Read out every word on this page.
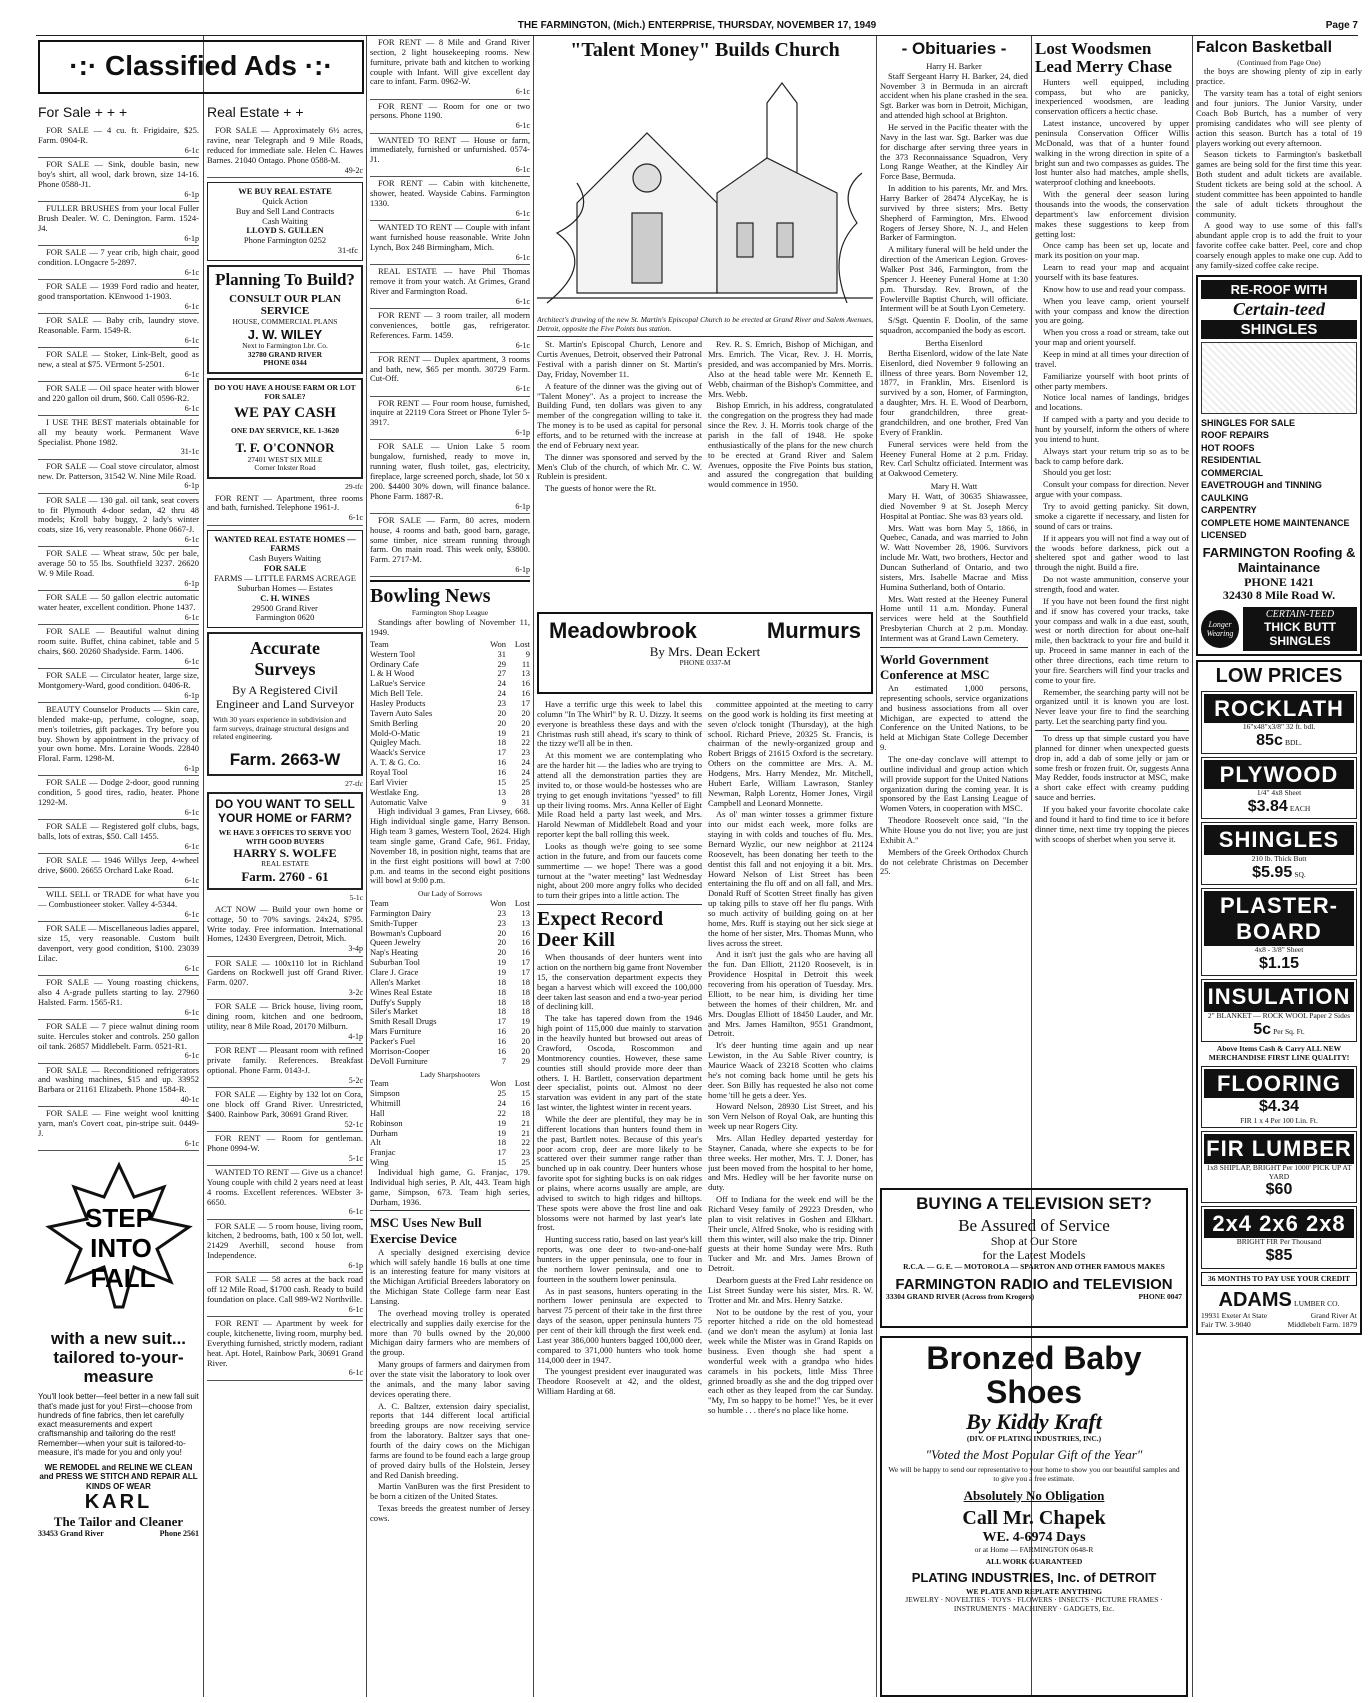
THE FARMINGTON, (Mich.) ENTERPRISE, THURSDAY, NOVEMBER 17, 1949	Page 7
·:· Classified Ads ·:·
For Sale + + +

FOR SALE — 4 cu. ft. Frigidaire, $25. Farm. 0904-R.
6-1c

FOR SALE — Sink, double basin, new boy's shirt, all wool, dark brown, size 14-16. Phone 0588-J1.
6-1p

FULLER BRUSHES from your local Fuller Brush Dealer. W. C. Denington. Farm. 1524-J4.
6-1p

FOR SALE — 7 year crib, high chair, good condition. LOngacre 5-2897.
6-1c

FOR SALE — 1939 Ford radio and heater, good transportation. KEnwood 1-1903.
6-1c

FOR SALE — Baby crib, laundry stove. Reasonable. Farm. 1549-R.
6-1c

FOR SALE — Stoker, Link-Belt, good as new, a steal at $75. VErmont 5-2501.
6-1c

FOR SALE — Oil space heater with blower and 220 gallon oil drum, $60. Call 0596-R2.
6-1c

I USE THE BEST materials obtainable for all my beauty work. Permanent Wave Specialist. Phone 1982.
31-1c

FOR SALE — Coal stove circulator, almost new. Dr. Patterson, 31542 W. Nine Mile Road.
6-1p

FOR SALE — 130 gal. oil tank, seat covers to fit Plymouth 4-door sedan, 42 thru 48 models; Kroll baby buggy, 2 lady's winter coats, size 16, very reasonable. Phone 0667-J.
6-1c

FOR SALE — Wheat straw, 50c per bale, average 50 to 55 lbs. Southfield 3237. 26620 W. 9 Mile Road.
6-1p

FOR SALE — 50 gallon electric automatic water heater, excellent condition. Phone 1437.
6-1c

FOR SALE — Beautiful walnut dining room suite. Buffet, china cabinet, table and 5 chairs, $60. 20260 Shadyside. Farm. 1406.
6-1c

FOR SALE — Circulator heater, large size, Montgomery-Ward, good condition. 0406-R.
6-1p

BEAUTY Counselor Products — Skin care, blended make-up, perfume, cologne, soap, men's toiletries, gift packages. Try before you buy. Shown by appointment in the privacy of your own home. Mrs. Loraine Woods. 22840 Floral. Farm. 1298-M.
6-1p

FOR SALE — Dodge 2-door, good running condition, 5 good tires, radio, heater. Phone 1292-M.
6-1c

FOR SALE — Registered golf clubs, bags, balls, lots of extras, $50. Call 1455.
6-1c

FOR SALE — 1946 Willys Jeep, 4-wheel drive, $600. 26655 Orchard Lake Road.
6-1c

WILL SELL or TRADE for what have you — Combustioneer stoker. Valley 4-5344.
6-1c

FOR SALE — Miscellaneous ladies apparel, size 15, very reasonable. Custom built davenport, very good condition, $100. 23039 Lilac.
6-1c

FOR SALE — Young roasting chickens, also 4 A-grade pullets starting to lay. 27960 Halsted. Farm. 1565-R1.
6-1c

FOR SALE — 7 piece walnut dining room suite. Hercules stoker and controls. 250 gallon oil tank. 26857 Middlebelt. Farm. 0521-R1.
6-1c

FOR SALE — Reconditioned refrigerators and washing machines, $15 and up. 33952 Barbara or 21161 Elizabeth. Phone 1584-R.
40-1c

FOR SALE — Fine weight wool knitting yarn, man's Covert coat, pin-stripe suit. 0449-J.
6-1c

STEP
INTO
FALL
with a new suit... tailored to-your-measure
You'll look better—feel better in a new fall suit that's made just for you! First—choose from hundreds of fine fabrics, then let carefully exact measurements and expert craftsmanship and tailoring do the rest! Remember—when your suit is tailored-to-measure, it's made for you and only you!
WE REMODEL and RELINE WE CLEAN and PRESS WE STITCH AND REPAIR ALL KINDS OF WEAR
KARL
The Tailor and Cleaner
33453 Grand River	Phone 2561
Real Estate + +

FOR SALE — Approximately 6½ acres, ravine, near Telegraph and 9 Mile Roads, reduced for immediate sale. Helen C. Hawes Barnes. 21040 Ontago. Phone 0588-M.
49-2c

WE BUY REAL ESTATE
Quick Action
Buy and Sell Land Contracts
Cash Waiting
LLOYD S. GULLEN
Phone Farmington 0252
31-tfc
Planning To Build?
CONSULT OUR PLAN SERVICE
HOUSE, COMMERCIAL PLANS
J. W. WILEY
Next to Farmington Lbr. Co.
32780 GRAND RIVER
PHONE 0344
DO YOU HAVE A HOUSE FARM OR LOT FOR SALE?
WE PAY CASH
ONE DAY SERVICE, KE. 1-3620
T. F. O'CONNOR
27401 WEST SIX MILE
Corner Inkster Road
29-tfc

FOR RENT — Apartment, three rooms and bath, furnished. Telephone 1961-J.
6-1c

WANTED REAL ESTATE HOMES — FARMS
Cash Buyers Waiting
FOR SALE
FARMS — LITTLE FARMS ACREAGE
Suburban Homes — Estates
C. H. WINES
29500 Grand River
Farmington 0620
Accurate
Surveys
By A Registered Civil Engineer and Land Surveyor
With 30 years experience in subdivision and farm surveys, drainage structural designs and related engineering.
Farm. 2663-W
27-tfc
DO YOU WANT TO SELL YOUR HOME or FARM?
WE HAVE 3 OFFICES TO SERVE YOU
WITH GOOD BUYERS
HARRY S. WOLFE
REAL ESTATE
Farm. 2760 - 61
5-1c

ACT NOW — Build your own home or cottage, 50 to 70% savings. 24x24, $795. Write today. Free information. International Homes, 12430 Evergreen, Detroit, Mich.
3-4p

FOR SALE — 100x110 lot in Richland Gardens on Rockwell just off Grand River. Farm. 0207.
3-2c

FOR SALE — Brick house, living room, dining room, kitchen and one bedroom, utility, near 8 Mile Road, 20170 Milburn.
4-1p

FOR RENT — Pleasant room with refined private family. References. Breakfast optional. Phone Farm. 0143-J.
5-2c

FOR SALE — Eighty by 132 lot on Cora, one block off Grand River. Unrestricted, $400. Rainbow Park, 30691 Grand River.
52-1c

FOR RENT — Room for gentleman. Phone 0994-W.
5-1c

WANTED TO RENT — Give us a chance! Young couple with child 2 years need at least 4 rooms. Excellent references. WEbster 3-6650.
6-1c

FOR SALE — 5 room house, living room, kitchen, 2 bedrooms, bath, 100 x 50 lot, well. 21429 Averhill, second house from Independence.
6-1p

FOR SALE — 58 acres at the back road off 12 Mile Road, $1700 cash. Ready to build foundation on place. Call 989-W2 Northville.
6-1c

FOR RENT — Apartment by week for couple, kitchenette, living room, murphy bed. Everything furnished, strictly modern, radiant heat. Apt. Hotel, Rainbow Park, 30691 Grand River.
6-1c

FOR RENT — 8 Mile and Grand River section, 2 light housekeeping rooms. New furniture, private bath and kitchen to working couple with Infant. Will give excellent day care to infant. Farm. 0962-W.
6-1c

FOR RENT — Room for one or two persons. Phone 1190.
6-1c

WANTED TO RENT — House or farm, immediately, furnished or unfurnished. 0574-J1.
6-1c

FOR RENT — Cabin with kitchenette, shower, heated. Wayside Cabins. Farmington 1330.
6-1c

WANTED TO RENT — Couple with infant want furnished house reasonable. Write John Lynch, Box 248 Birmingham, Mich.
6-1c

REAL ESTATE — have Phil Thomas remove it from your watch. At Grimes, Grand River and Farmington Road.
6-1c

FOR RENT — 3 room trailer, all modern conveniences, bottle gas, refrigerator. References. Farm. 1459.
6-1c

FOR RENT — Duplex apartment, 3 rooms and bath, new, $65 per month. 30729 Farm. Cut-Off.
6-1c

FOR RENT — Four room house, furnished, inquire at 22119 Cora Street or Phone Tyler 5-3917.
6-1p

FOR SALE — Union Lake 5 room bungalow, furnished, ready to move in, running water, flush toilet, gas, electricity, fireplace, large screened porch, shade, lot 50 x 200. $4400 30% down, will finance balance. Phone Farm. 1887-R.
6-1p

FOR SALE — Farm, 80 acres, modern house, 4 rooms and bath, good barn, garage, some timber, nice stream running through farm. On main road. This week only, $3800. Farm. 2717-M.
6-1p

Bowling News
Farmington Shop League

Standings after bowling of November 11, 1949.

Team	Won	Lost
Western Tool	31	9
Ordinary Cafe	29	11
L & H Wood	27	13
LaRue's Service	24	16
Mich Bell Tele.	24	16
Hasley Products	23	17
Tavern Auto Sales	20	20
Smith Berling	20	20
Mold-O-Matic	19	21
Quigley Mach.	18	22
Waack's Service	17	23
A. T. & G. Co.	16	24
Royal Tool	16	24
Earl Vivier	15	25
Westlake Eng.	13	28
Automatic Valve	9	31

High individual 3 games, Fran Livsey, 668. High individual single game, Harry Benson. High team 3 games, Western Tool, 2624. High team single game, Grand Cafe, 961. Friday, November 18, in position night, teams that are in the first eight positions will bowl at 7:00 p.m. and teams in the second eight positions will bowl at 9:00 p.m.

Our Lady of Sorrows
Team	Won	Lost
Farmington Dairy	23	13
Smith-Tupper	23	13
Bowman's Cupboard	20	16
Queen Jewelry	20	16
Nap's Heating	20	16
Suburban Tool	19	17
Clare J. Grace	19	17
Allen's Market	18	18
Wines Real Estate	18	18
Duffy's Supply	18	18
Siler's Market	18	18
Smith Resall Drugs	17	19
Mars Furniture	16	20
Packer's Fuel	16	20
Morrison-Cooper	16	20
DeVoll Furniture	7	29
Lady Sharpshooters
Team	Won	Lost
Simpson	25	15
Whitmill	24	16
Hall	22	18
Robinson	19	21
Durham	19	21
Alt	18	22
Franjac	17	23
Wing	15	25

Individual high game, G. Franjac, 179. Individual high series, P. Alt, 443. Team high game, Simpson, 673. Team high series, Durham, 1936.

MSC Uses New Bull Exercise Device

A specially designed exercising device which will safely handle 16 bulls at one time is an interesting feature for many visitors at the Michigan Artificial Breeders laboratory on the Michigan State College farm near East Lansing.

The overhead moving trolley is operated electrically and supplies daily exercise for the more than 70 bulls owned by the 20,000 Michigan dairy farmers who are members of the group.

Many groups of farmers and dairymen from over the state visit the laboratory to look over the animals, and the many labor saving devices operating there.

A. C. Baltzer, extension dairy specialist, reports that 144 different local artificial breeding groups are now receiving service from the laboratory. Baltzer says that one-fourth of the dairy cows on the Michigan farms are found to be found each a large group of proved dairy bulls of the Holstein, Jersey and Red Danish breeding.

Martin VanBuren was the first President to be born a citizen of the United States.

Texas breeds the greatest number of Jersey cows.

"Talent Money" Builds Church
Architect's drawing of the new St. Martin's Episcopal Church to be erected at Grand River and Salem Avenues, Detroit, opposite the Five Points bus station.

St. Martin's Episcopal Church, Lenore and Curtis Avenues, Detroit, observed their Patronal Festival with a parish dinner on St. Martin's Day, Friday, November 11.

A feature of the dinner was the giving out of "Talent Money". As a project to increase the Building Fund, ten dollars was given to any member of the congregation willing to take it. The money is to be used as capital for personal efforts, and to be returned with the increase at the end of February next year.

The dinner was sponsored and served by the Men's Club of the church, of which Mr. C. W. Rublein is president.

The guests of honor were the Rt.

Rev. R. S. Emrich, Bishop of Michigan, and Mrs. Emrich. The Vicar, Rev. J. H. Morris, presided, and was accompanied by Mrs. Morris. Also at the head table were Mr. Kenneth E. Webb, chairman of the Bishop's Committee, and Mrs. Webb.

Bishop Emrich, in his address, congratulated the congregation on the progress they had made since the Rev. J. H. Morris took charge of the parish in the fall of 1948. He spoke enthusiastically of the plans for the new church to be erected at Grand River and Salem Avenues, opposite the Five Points bus station, and assured the congregation that building would commence in 1950.

Meadowbrook	Murmurs
By Mrs. Dean Eckert
PHONE 0337-M

Have a terrific urge this week to label this column "In The Whirl" by R. U. Dizzy. It seems everyone is breathless these days and with the Christmas rush still ahead, it's scary to think of the tizzy we'll all be in then.

At this moment we are contemplating who are the harder hit — the ladies who are trying to attend all the demonstration parties they are invited to, or those would-be hostesses who are trying to get enough invitations "yessed" to fill up their living rooms. Mrs. Anna Keller of Eight Mile Road held a party last week, and Mrs. Harold Newman of Middlebelt Road and your reporter kept the ball rolling this week.

Looks as though we're going to see some action in the future, and from our faucets come summertime — we hope! There was a good turnout at the "water meeting" last Wednesday night, about 200 more angry folks who decided to turn their gripes into a little action. The

Expect Record Deer Kill

When thousands of deer hunters went into action on the northern big game front November 15, the conservation department expects they began a harvest which will exceed the 100,000 deer taken last season and end a two-year period of declining kill.

The take has tapered down from the 1946 high point of 115,000 due mainly to starvation in the heavily hunted but browsed out areas of Crawford, Oscoda, Roscommon and Montmorency counties. However, these same counties still should provide more deer than others. I. H. Bartlett, conservation department deer specialist, points out. Almost no deer starvation was evident in any part of the state last winter, the lightest winter in recent years.

While the deer are plentiful, they may be in different locations than hunters found them in the past, Bartlett notes. Because of this year's poor acorn crop, deer are more likely to be scattered over their summer range rather than bunched up in oak country. Deer hunters whose favorite spot for sighting bucks is on oak ridges or plains, where acorns usually are ample, are advised to switch to high ridges and hilltops. These spots were above the frost line and oak blossoms were not harmed by last year's late frost.

Hunting success ratio, based on last year's kill reports, was one deer to two-and-one-half hunters in the upper peninsula, one to four in the northern lower peninsula, and one to fourteen in the southern lower peninsula.

As in past seasons, hunters operating in the northern lower peninsula are expected to harvest 75 percent of their take in the first three days of the season, upper peninsula hunters 75 per cent of their kill through the first week end. Last year 386,000 hunters bagged 100,000 deer, compared to 371,000 hunters who took home 114,000 deer in 1947.

The youngest president ever inaugurated was Theodore Roosevelt at 42, and the oldest, William Harding at 68.

committee appointed at the meeting to carry on the good work is holding its first meeting at seven o'clock tonight (Thursday), at the high school. Richard Prieve, 20325 St. Francis, is chairman of the newly-organized group and Robert Briggs of 21615 Oxford is the secretary. Others on the committee are Mrs. A. M. Hodgens, Mrs. Harry Mendez, Mr. Mitchell, Hubert Earle, William Lawrason, Stanley Newman, Ralph Lorentz, Homer Jones, Virgil Campbell and Leonard Monnette.

As ol' man winter tosses a grimmer fixture into our midst each week, more folks are staying in with colds and touches of flu. Mrs. Bernard Wyzlic, our new neighbor at 21124 Roosevelt, has been donating her teeth to the dentist this fall and not enjoying it a bit. Mrs. Howard Nelson of List Street has been entertaining the flu off and on all fall, and Mrs. Donald Ruff of Scotten Street finally has given up taking pills to stave off her flu pangs. With so much activity of building going on at her home, Mrs. Ruff is staying out her sick siege at the home of her sister, Mrs. Thomas Munn, who lives across the street.

And it isn't just the gals who are having all the fun. Dan Elliott, 21120 Roosevelt, is in Providence Hospital in Detroit this week recovering from his operation of Tuesday. Mrs. Elliott, to be near him, is dividing her time between the homes of their children, Mr. and Mrs. Douglas Elliott of 18450 Lauder, and Mr. and Mrs. James Hamilton, 9551 Grandmont, Detroit.

It's deer hunting time again and up near Lewiston, in the Au Sable River country, is Maurice Waack of 23218 Scotten who claims he's not coming back home until he gets his deer. Son Billy has requested he also not come home 'till he gets a deer. Yes.

Howard Nelson, 28930 List Street, and his son Vern Nelson of Royal Oak, are hunting this week up near Rogers City.

Mrs. Allan Hedley departed yesterday for Stayner, Canada, where she expects to be for three weeks. Her mother, Mrs. T. J. Doner, has just been moved from the hospital to her home, and Mrs. Hedley will be her favorite nurse on duty.

Off to Indiana for the week end will be the Richard Vesey family of 29223 Dresden, who plan to visit relatives in Goshen and Elkhart. Their uncle, Alfred Snoke, who is residing with them this winter, will also make the trip. Dinner guests at their home Sunday were Mrs. Ruth Tucker and Mr. and Mrs. James Brown of Detroit.

Dearborn guests at the Fred Lahr residence on List Street Sunday were his sister, Mrs. R. W. Trotter and Mr. and Mrs. Henry Satzke.

Not to be outdone by the rest of you, your reporter hitched a ride on the old homestead (and we don't mean the asylum) at Ionia last week while the Mister was in Grand Rapids on business. Even though she had spent a wonderful week with a grandpa who hides caramels in his pockets, little Miss Three grinned broadly as she and the dog tripped over each other as they leaped from the car Sunday. "My, I'm so happy to be home!" Yes, be it ever so humble . . . there's no place like home.

- Obituaries -
Harry H. Barker

Staff Sergeant Harry H. Barker, 24, died November 3 in Bermuda in an aircraft accident when his plane crashed in the sea. Sgt. Barker was born in Detroit, Michigan, and attended high school at Brighton.

He served in the Pacific theater with the Navy in the last war. Sgt. Barker was due for discharge after serving three years in the 373 Reconnaissance Squadron, Very Long Range Weather, at the Kindley Air Force Base, Bermuda.

In addition to his parents, Mr. and Mrs. Harry Barker of 28474 AlyceKay, he is survived by three sisters; Mrs. Betty Shepherd of Farmington, Mrs. Elwood Rogers of Jersey Shore, N. J., and Helen Barker of Farmington.

A military funeral will be held under the direction of the American Legion. Groves-Walker Post 346, Farmington, from the Spencer J. Heeney Funeral Home at 1:30 p.m. Thursday. Rev. Brown, of the Fowlerville Baptist Church, will officiate. Interment will be at South Lyon Cemetery.

S/Sgt. Quentin F. Doolin, of the same squadron, accompanied the body as escort.

Bertha Eisenlord

Bertha Eisenlord, widow of the late Nate Eisenlord, died November 9 following an illness of three years. Born November 12, 1877, in Franklin, Mrs. Eisenlord is survived by a son, Homer, of Farmington, a daughter, Mrs. H. E. Wood of Dearborn, four grandchildren, three great-grandchildren, and one brother, Fred Van Every of Franklin.

Funeral services were held from the Heeney Funeral Home at 2 p.m. Friday. Rev. Carl Schultz officiated. Interment was at Oakwood Cemetery.

Mary H. Watt

Mary H. Watt, of 30635 Shiawassee, died November 9 at St. Joseph Mercy Hospital at Pontiac. She was 83 years old.

Mrs. Watt was born May 5, 1866, in Quebec, Canada, and was married to John W. Watt November 28, 1906. Survivors include Mr. Watt, two brothers, Hector and Duncan Sutherland of Ontario, and two sisters, Mrs. Isabelle Macrae and Miss Humina Sutherland, both of Ontario.

Mrs. Watt rested at the Heeney Funeral Home until 11 a.m. Monday. Funeral services were held at the Southfield Presbyterian Church at 2 p.m. Monday. Interment was at Grand Lawn Cemetery.

World Government Conference at MSC

An estimated 1,000 persons, representing schools, service organizations and business associations from all over Michigan, are expected to attend the Conference on the United Nations, to be held at Michigan State College December 9.

The one-day conclave will attempt to outline individual and group action which will provide support for the United Nations organization during the coming year. It is sponsored by the East Lansing League of Women Voters, in cooperation with MSC.

Theodore Roosevelt once said, "In the White House you do not live; you are just Exhibit A."

Members of the Greek Orthodox Church do not celebrate Christmas on December 25.

Lost Woodsmen Lead Merry Chase

Hunters well equipped, including compass, but who are panicky, inexperienced woodsmen, are leading conservation officers a hectic chase.

Latest instance, uncovered by upper peninsula Conservation Officer Willis McDonald, was that of a hunter found walking in the wrong direction in spite of a bright sun and two compasses as guides. The lost hunter also had matches, ample shells, waterproof clothing and kneeboots.

With the general deer season luring thousands into the woods, the conservation department's law enforcement division makes these suggestions to keep from getting lost:

Once camp has been set up, locate and mark its position on your map.

Learn to read your map and acquaint yourself with its base features.

Know how to use and read your compass.

When you leave camp, orient yourself with your compass and know the direction you are going.

When you cross a road or stream, take out your map and orient yourself.

Keep in mind at all times your direction of travel.

Familiarize yourself with boot prints of other party members.

Notice local names of landings, bridges and locations.

If camped with a party and you decide to hunt by yourself, inform the others of where you intend to hunt.

Always start your return trip so as to be back to camp before dark.

Should you get lost:

Consult your compass for direction. Never argue with your compass.

Try to avoid getting panicky. Sit down, smoke a cigarette if necessary, and listen for sound of cars or trains.

If it appears you will not find a way out of the woods before darkness, pick out a sheltered spot and gather wood to last through the night. Build a fire.

Do not waste ammunition, conserve your strength, food and water.

If you have not been found the first night and if snow has covered your tracks, take your compass and walk in a due east, south, west or north direction for about one-half mile, then backtrack to your fire and build it up. Proceed in same manner in each of the other three directions, each time return to your fire. Searchers will find your tracks and come to your fire.

Remember, the searching party will not be organized until it is known you are lost. Never leave your fire to find the searching party. Let the searching party find you.

To dress up that simple custard you have planned for dinner when unexpected guests drop in, add a dab of some jelly or jam or some fresh or frozen fruit. Or, suggests Anna May Redder, foods instructor at MSC, make a short cake effect with creamy pudding sauce and berries.

If you baked your favorite chocolate cake and found it hard to find time to ice it before dinner time, next time try topping the pieces with scoops of sherbet when you serve it.

Falcon Basketball
(Continued from Page One)

the boys are showing plenty of zip in early practice.

The varsity team has a total of eight seniors and four juniors. The Junior Varsity, under Coach Bob Burtch, has a number of very promising candidates who will see plenty of action this season. Burtch has a total of 19 players working out every afternoon.

Season tickets to Farmington's basketball games are being sold for the first time this year. Both student and adult tickets are available. Student tickets are being sold at the school. A student committee has been appointed to handle the sale of adult tickets throughout the community.

A good way to use some of this fall's abundant apple crop is to add the fruit to your favorite coffee cake batter. Peel, core and chop coarsely enough apples to make one cup. Add to any family-sized coffee cake recipe.

RE-ROOF WITH
Certain-teed
SHINGLES
SHINGLES FOR SALE
ROOF REPAIRS
HOT ROOFS
RESIDENTIAL
COMMERCIAL
EAVETROUGH and TINNING
CAULKING
CARPENTRY
COMPLETE HOME MAINTENANCE
LICENSED
FARMINGTON Roofing & Maintainance
PHONE 1421
32430 8 Mile Road W.
Longer Wearing
CERTAIN-TEED
THICK BUTT SHINGLES
LOW PRICES
ROCKLATH
16"x48"x3/8" 32 ft. bdl.
85c BDL.
PLYWOOD
1/4" 4x8 Sheet
$3.84 EACH
SHINGLES
210 lb. Thick Butt
$5.95 SQ.
PLASTER-BOARD
4x8 - 3/8" Sheet
$1.15
INSULATION
2" BLANKET — ROCK WOOL Paper 2 Sides
5c Per Sq. Ft.
Above Items Cash & Carry ALL NEW MERCHANDISE FIRST LINE QUALITY!
FLOORING
$4.34
FIR 1 x 4 Per 100 Lin. Ft.
FIR LUMBER
1x8 SHIPLAP, BRIGHT Per 1000' PICK UP AT YARD
$60
2x4 2x6 2x8
BRIGHT FIR Per Thousand
$85
36 MONTHS TO PAY USE YOUR CREDIT
ADAMS LUMBER CO.
19931 Exeter At State Fair TW. 3-9040
Grand River At Middlebelt Farm. 1879
BUYING A TELEVISION SET?
Be Assured of Service
Shop at Our Store
for the Latest Models
R.C.A. — G. E. — MOTOROLA — SPARTON AND OTHER FAMOUS MAKES
FARMINGTON RADIO and TELEVISION
33304 GRAND RIVER (Across from Krogers)	PHONE 0047
Bronzed Baby Shoes
By Kiddy Kraft
(DIV. OF PLATING INDUSTRIES, INC.)
"Voted the Most Popular Gift of the Year"
We will be happy to send our representative to your home to show you our beautiful samples and to give you a free estimate.
Absolutely No Obligation
Call Mr. Chapek
WE. 4-6974 Days
or at Home — FARMINGTON 0648-R
ALL WORK GUARANTEED
PLATING INDUSTRIES, Inc. of DETROIT
WE PLATE AND REPLATE ANYTHING
JEWELRY · NOVELTIES · TOYS · FLOWERS · INSECTS · PICTURE FRAMES · INSTRUMENTS · MACHINERY · GADGETS, Etc.
